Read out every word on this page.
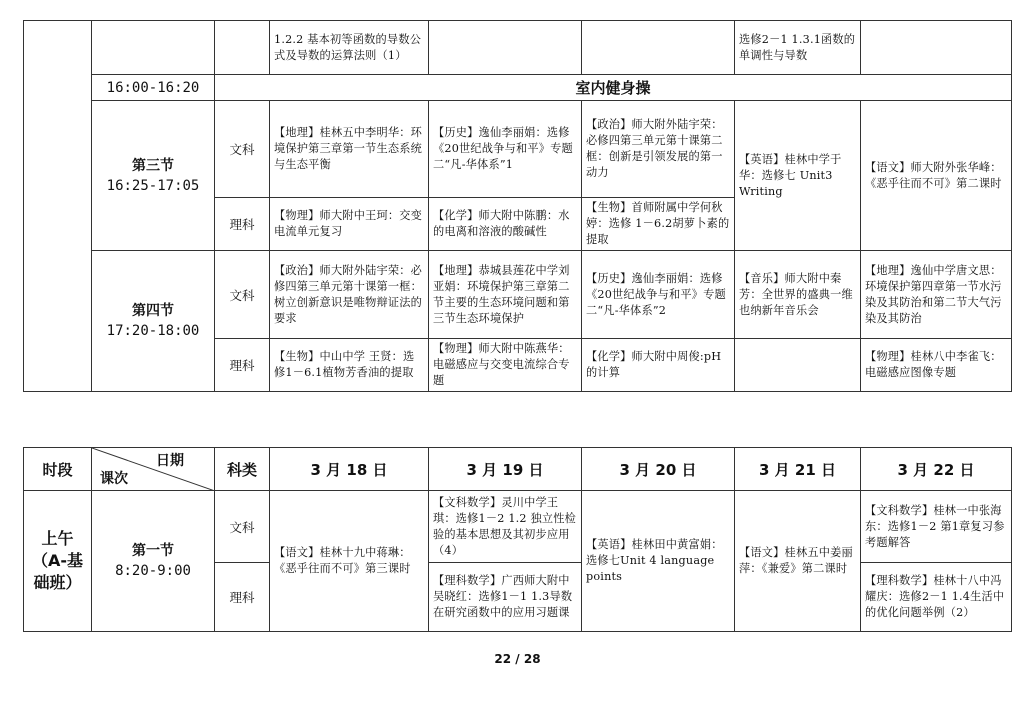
			1.2.2 基本初等函数的导数公式及导数的运算法则（1）			选修2－1 1.3.1函数的单调性与导数	
	16:00-16:20	室内健身操					

	第三节
16:25-17:05	文科	【地理】桂林五中李明华：环境保护第三章第一节生态系统与生态平衡	【历史】逸仙李丽娟：选修《20世纪战争与和平》专题二“凡-华体系”1	【政治】师大附外陆宇荣：必修四第三单元第十课第二框：创新是引领发展的第一动力	【英语】桂林中学于华：选修七 Unit3 Writing	【语文】师大附外张华峰：《恶乎往而不可》第二课时
		理科	【物理】师大附中王珂：交变电流单元复习	【化学】师大附中陈鹏：水的电离和溶液的酸碱性	【生物】首师附属中学何秋婷：选修 1－6.2胡萝卜素的提取		

	第四节
17:20-18:00	文科	【政治】师大附外陆宇荣：必修四第三单元第十课第一框：树立创新意识是唯物辩证法的要求	【地理】恭城县莲花中学刘亚娟：环境保护第三章第二节主要的生态环境问题和第三节生态环境保护	【历史】逸仙李丽娟：选修《20世纪战争与和平》专题二“凡-华体系”2	【音乐】师大附中秦芳：全世界的盛典一维也纳新年音乐会	【地理】逸仙中学唐文思：环境保护第四章第一节水污染及其防治和第二节大气污染及其防治
		理科	【生物】中山中学 王贤：选修1－6.1植物芳香油的提取	【物理】师大附中陈燕华：电磁感应与交变电流综合专题	【化学】师大附中周俊:pH的计算		【物理】桂林八中李雀飞：电磁感应图像专题
时段	日期
课次	科类	3 月 18 日	3 月 19 日	3 月 20 日	3 月 21 日	3 月 22 日

上午
（A-基础班）	第一节
8:20-9:00	文科	【语文】桂林十九中蒋琳：《恶乎往而不可》第三课时	【文科数学】灵川中学王琪：选修1－2 1.2 独立性检验的基本思想及其初步应用（4）	【英语】桂林田中黄富娟：选修七Unit 4 language points	【语文】桂林五中姜丽萍：《兼爱》第二课时	【文科数学】桂林一中张海东：选修1－2 第1章复习参考题解答
		理科		【理科数学】广西师大附中吴晓红：选修1－1 1.3导数在研究函数中的应用习题课			【理科数学】桂林十八中冯耀庆：选修2－1 1.4生活中的优化问题举例（2）
22 / 28
